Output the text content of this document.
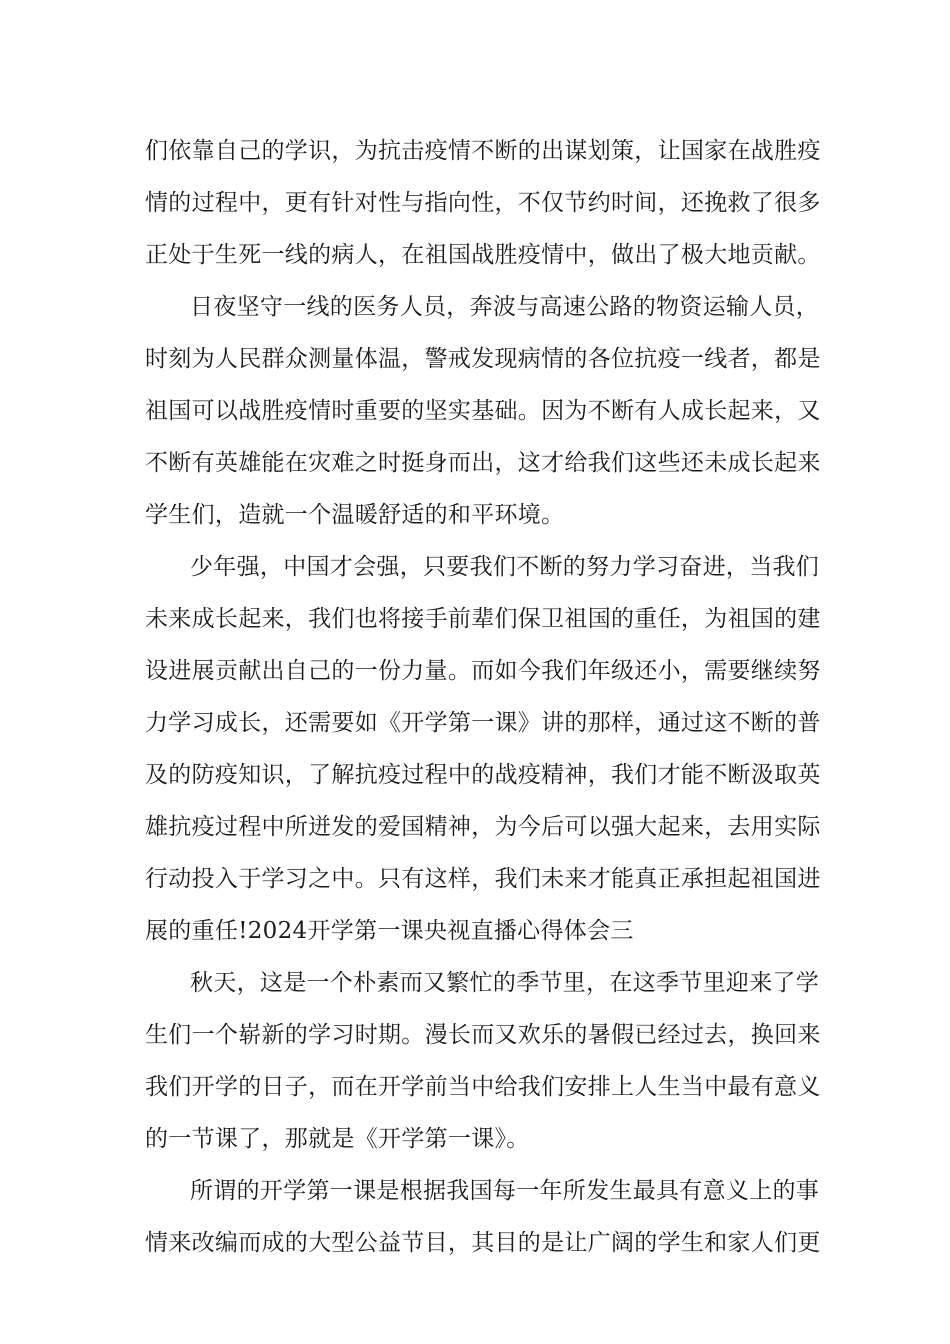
们依靠自己的学识，为抗击疫情不断的出谋划策，让国家在战胜疫
情的过程中，更有针对性与指向性，不仅节约时间，还挽救了很多
正处于生死一线的病人，在祖国战胜疫情中，做出了极大地贡献。
日夜坚守一线的医务人员，奔波与高速公路的物资运输人员，
时刻为人民群众测量体温，警戒发现病情的各位抗疫一线者，都是
祖国可以战胜疫情时重要的坚实基础。因为不断有人成长起来，又
不断有英雄能在灾难之时挺身而出，这才给我们这些还未成长起来
学生们，造就一个温暖舒适的和平环境。
少年强，中国才会强，只要我们不断的努力学习奋进，当我们
未来成长起来，我们也将接手前辈们保卫祖国的重任，为祖国的建
设进展贡献出自己的一份力量。而如今我们年级还小，需要继续努
力学习成长，还需要如《开学第一课》讲的那样，通过这不断的普
及的防疫知识，了解抗疫过程中的战疫精神，我们才能不断汲取英
雄抗疫过程中所迸发的爱国精神，为今后可以强大起来，去用实际
行动投入于学习之中。只有这样，我们未来才能真正承担起祖国进
展的重任!2024开学第一课央视直播心得体会三
秋天，这是一个朴素而又繁忙的季节里，在这季节里迎来了学
生们一个崭新的学习时期。漫长而又欢乐的暑假已经过去，换回来
我们开学的日子，而在开学前当中给我们安排上人生当中最有意义
的一节课了，那就是《开学第一课》。
所谓的开学第一课是根据我国每一年所发生最具有意义上的事
情来改编而成的大型公益节目，其目的是让广阔的学生和家人们更
